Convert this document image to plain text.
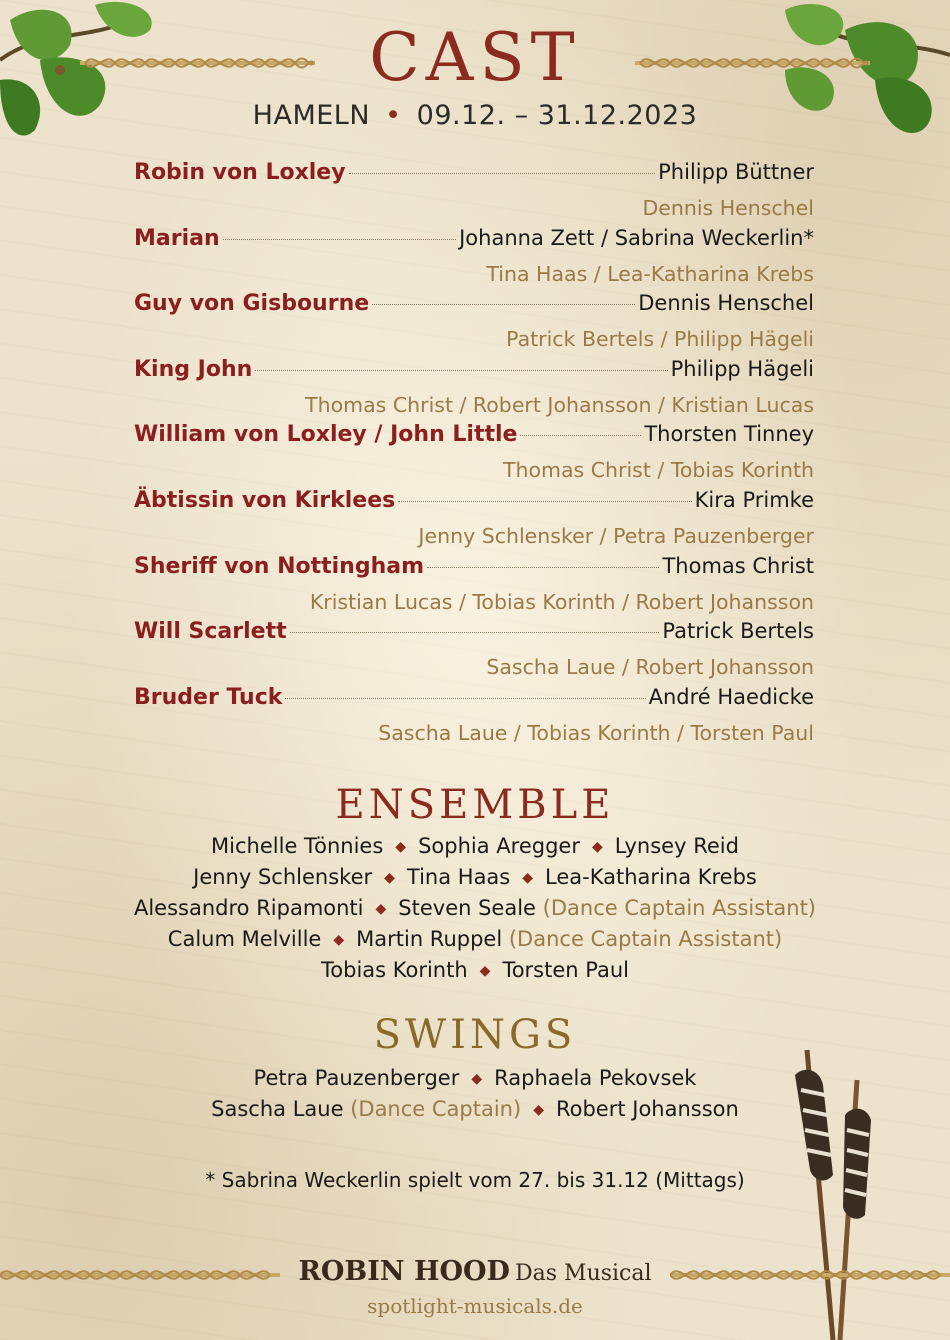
CAST
HAMELN • 09.12. – 31.12.2023
Robin von Loxley	Philipp Büttner
Dennis Henschel
Marian	Johanna Zett / Sabrina Weckerlin*
Tina Haas / Lea-Katharina Krebs
Guy von Gisbourne	Dennis Henschel
Patrick Bertels / Philipp Hägeli
King John	Philipp Hägeli
Thomas Christ / Robert Johansson / Kristian Lucas
William von Loxley / John Little	Thorsten Tinney
Thomas Christ / Tobias Korinth
Äbtissin von Kirklees	Kira Primke
Jenny Schlensker / Petra Pauzenberger
Sheriff von Nottingham	Thomas Christ
Kristian Lucas / Tobias Korinth / Robert Johansson
Will Scarlett	Patrick Bertels
Sascha Laue / Robert Johansson
Bruder Tuck	André Haedicke
Sascha Laue / Tobias Korinth / Torsten Paul
ENSEMBLE
Michelle Tönnies ◆ Sophia Aregger ◆ Lynsey Reid
Jenny Schlensker ◆ Tina Haas ◆ Lea-Katharina Krebs
Alessandro Ripamonti ◆ Steven Seale (Dance Captain Assistant)
Calum Melville ◆ Martin Ruppel (Dance Captain Assistant)
Tobias Korinth ◆ Torsten Paul
SWINGS
Petra Pauzenberger ◆ Raphaela Pekovsek
Sascha Laue (Dance Captain) ◆ Robert Johansson
* Sabrina Weckerlin spielt vom 27. bis 31.12 (Mittags)
ROBIN HOOD Das Musical
spotlight-musicals.de
